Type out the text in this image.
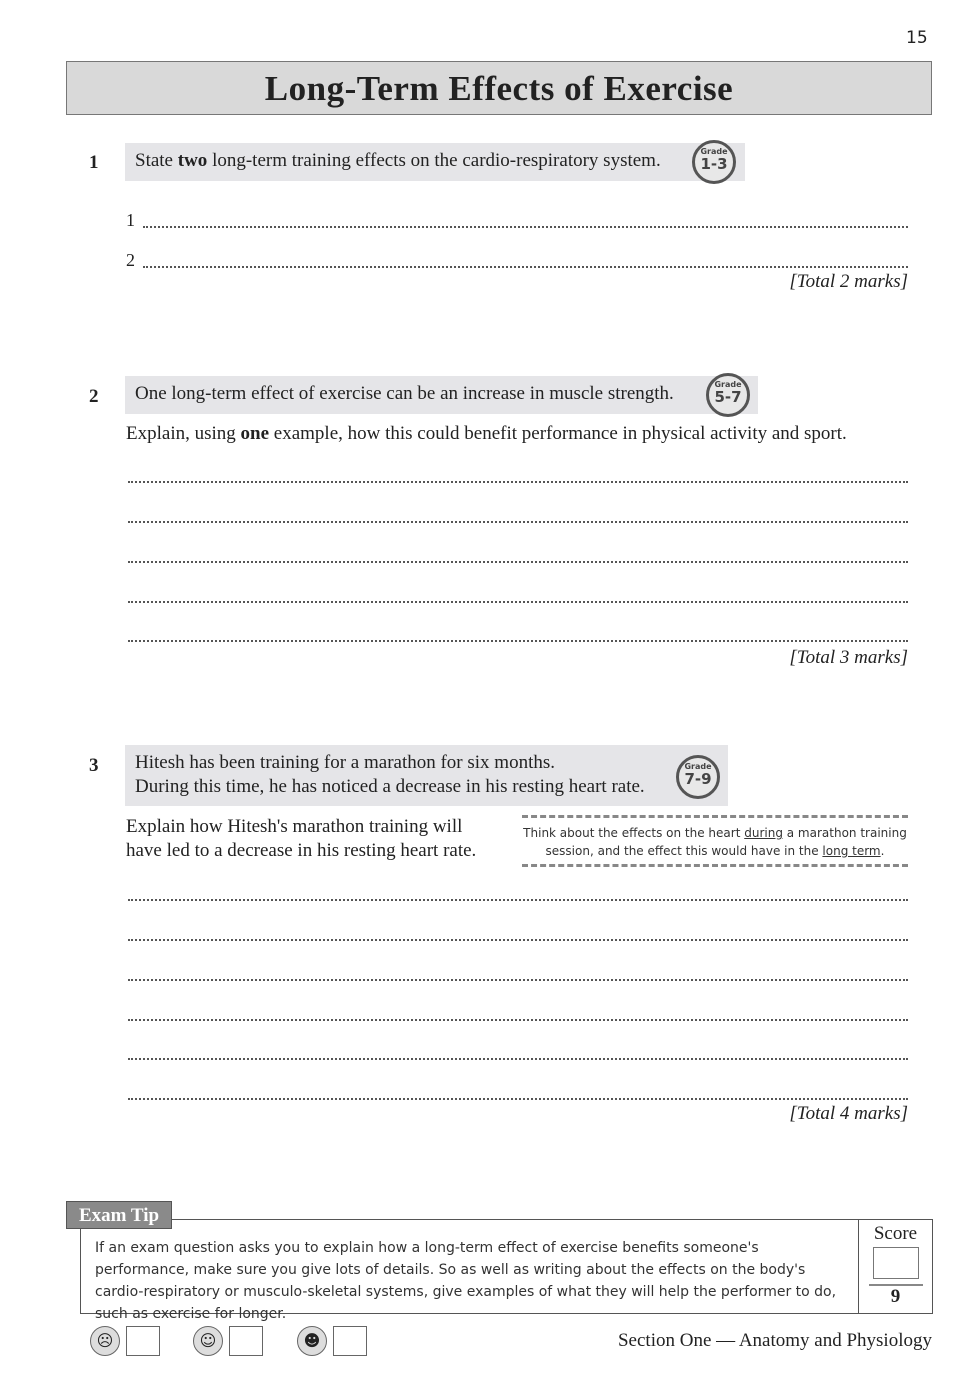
15
Long-Term Effects of Exercise
1	State two long-term training effects on the cardio-respiratory system.	Grade
1-3
1
2
[Total 2 marks]
2	One long-term effect of exercise can be an increase in muscle strength.	Grade
5-7
Explain, using one example, how this could benefit performance in physical activity and sport.
[Total 3 marks]
3 Hitesh has been training for a marathon for six months.
During this time, he has noticed a decrease in his resting heart rate.
Grade
7-9
Explain how Hitesh's marathon training will
have led to a decrease in his resting heart rate.
Think about the effects on the heart during a marathon training session, and the effect this would have in the long term.
[Total 4 marks]
If an exam question asks you to explain how a long-term effect of exercise benefits someone's performance, make sure you give lots of details. So as well as writing about the effects on the body's cardio-respiratory or musculo-skeletal systems, give examples of what they will help the performer to do, such as exercise for longer.
Exam Tip
Score
9
☹	☺	☻	Section One — Anatomy and Physiology
